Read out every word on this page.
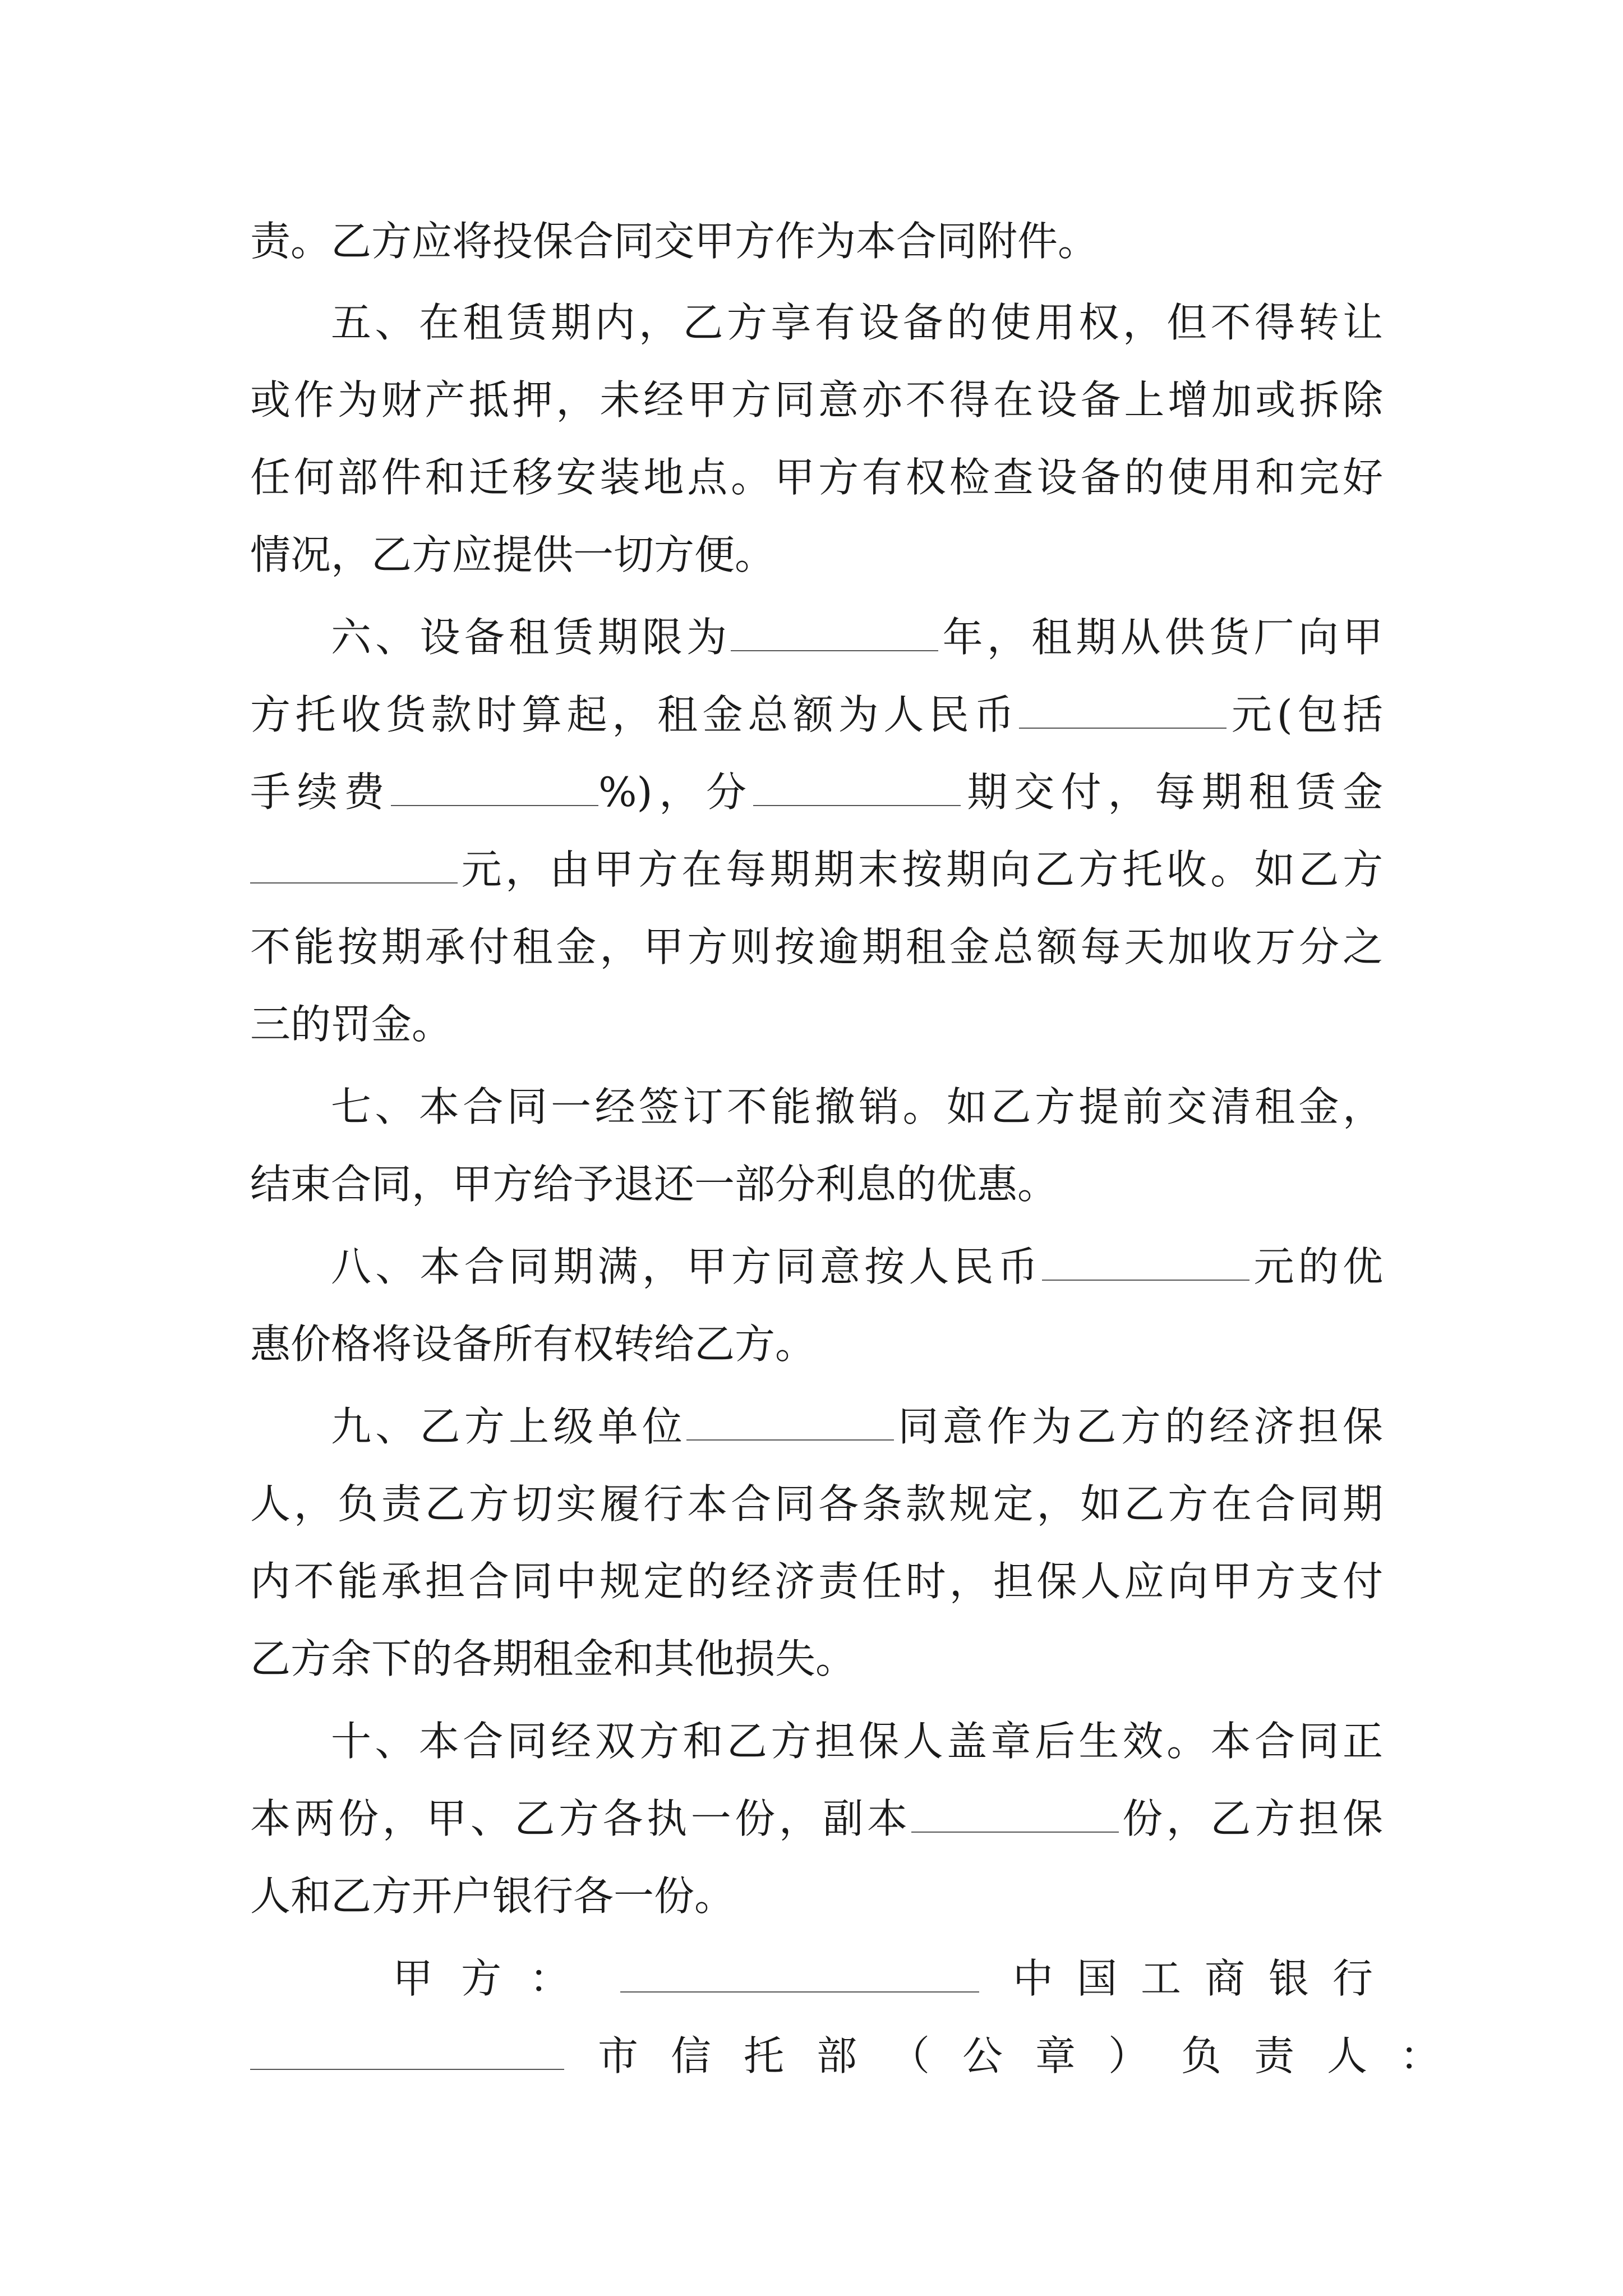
责。乙方应将投保合同交甲方作为本合同附件。
五、在租赁期内，乙方享有设备的使用权，但不得转让
或作为财产抵押，未经甲方同意亦不得在设备上增加或拆除
任何部件和迁移安装地点。甲方有权检查设备的使用和完好
情况，乙方应提供一切方便。
六、设备租赁期限为	年，租期从供货厂向甲
方托收货款时算起，租金总额为人民币	元(包括
手续费	%)，分	期交付，每期租赁金
元，由甲方在每期期末按期向乙方托收。如乙方
不能按期承付租金，甲方则按逾期租金总额每天加收万分之
三的罚金。
七、本合同一经签订不能撤销。如乙方提前交清租金，
结束合同，甲方给予退还一部分利息的优惠。
八、本合同期满，甲方同意按人民币	元的优
惠价格将设备所有权转给乙方。
九、乙方上级单位	同意作为乙方的经济担保
人，负责乙方切实履行本合同各条款规定，如乙方在合同期
内不能承担合同中规定的经济责任时，担保人应向甲方支付
乙方余下的各期租金和其他损失。
十、本合同经双方和乙方担保人盖章后生效。本合同正
本两份，甲、乙方各执一份，副本	份，乙方担保
人和乙方开户银行各一份。
甲方：	中国工商银行
市信托部（公章）负责人：
